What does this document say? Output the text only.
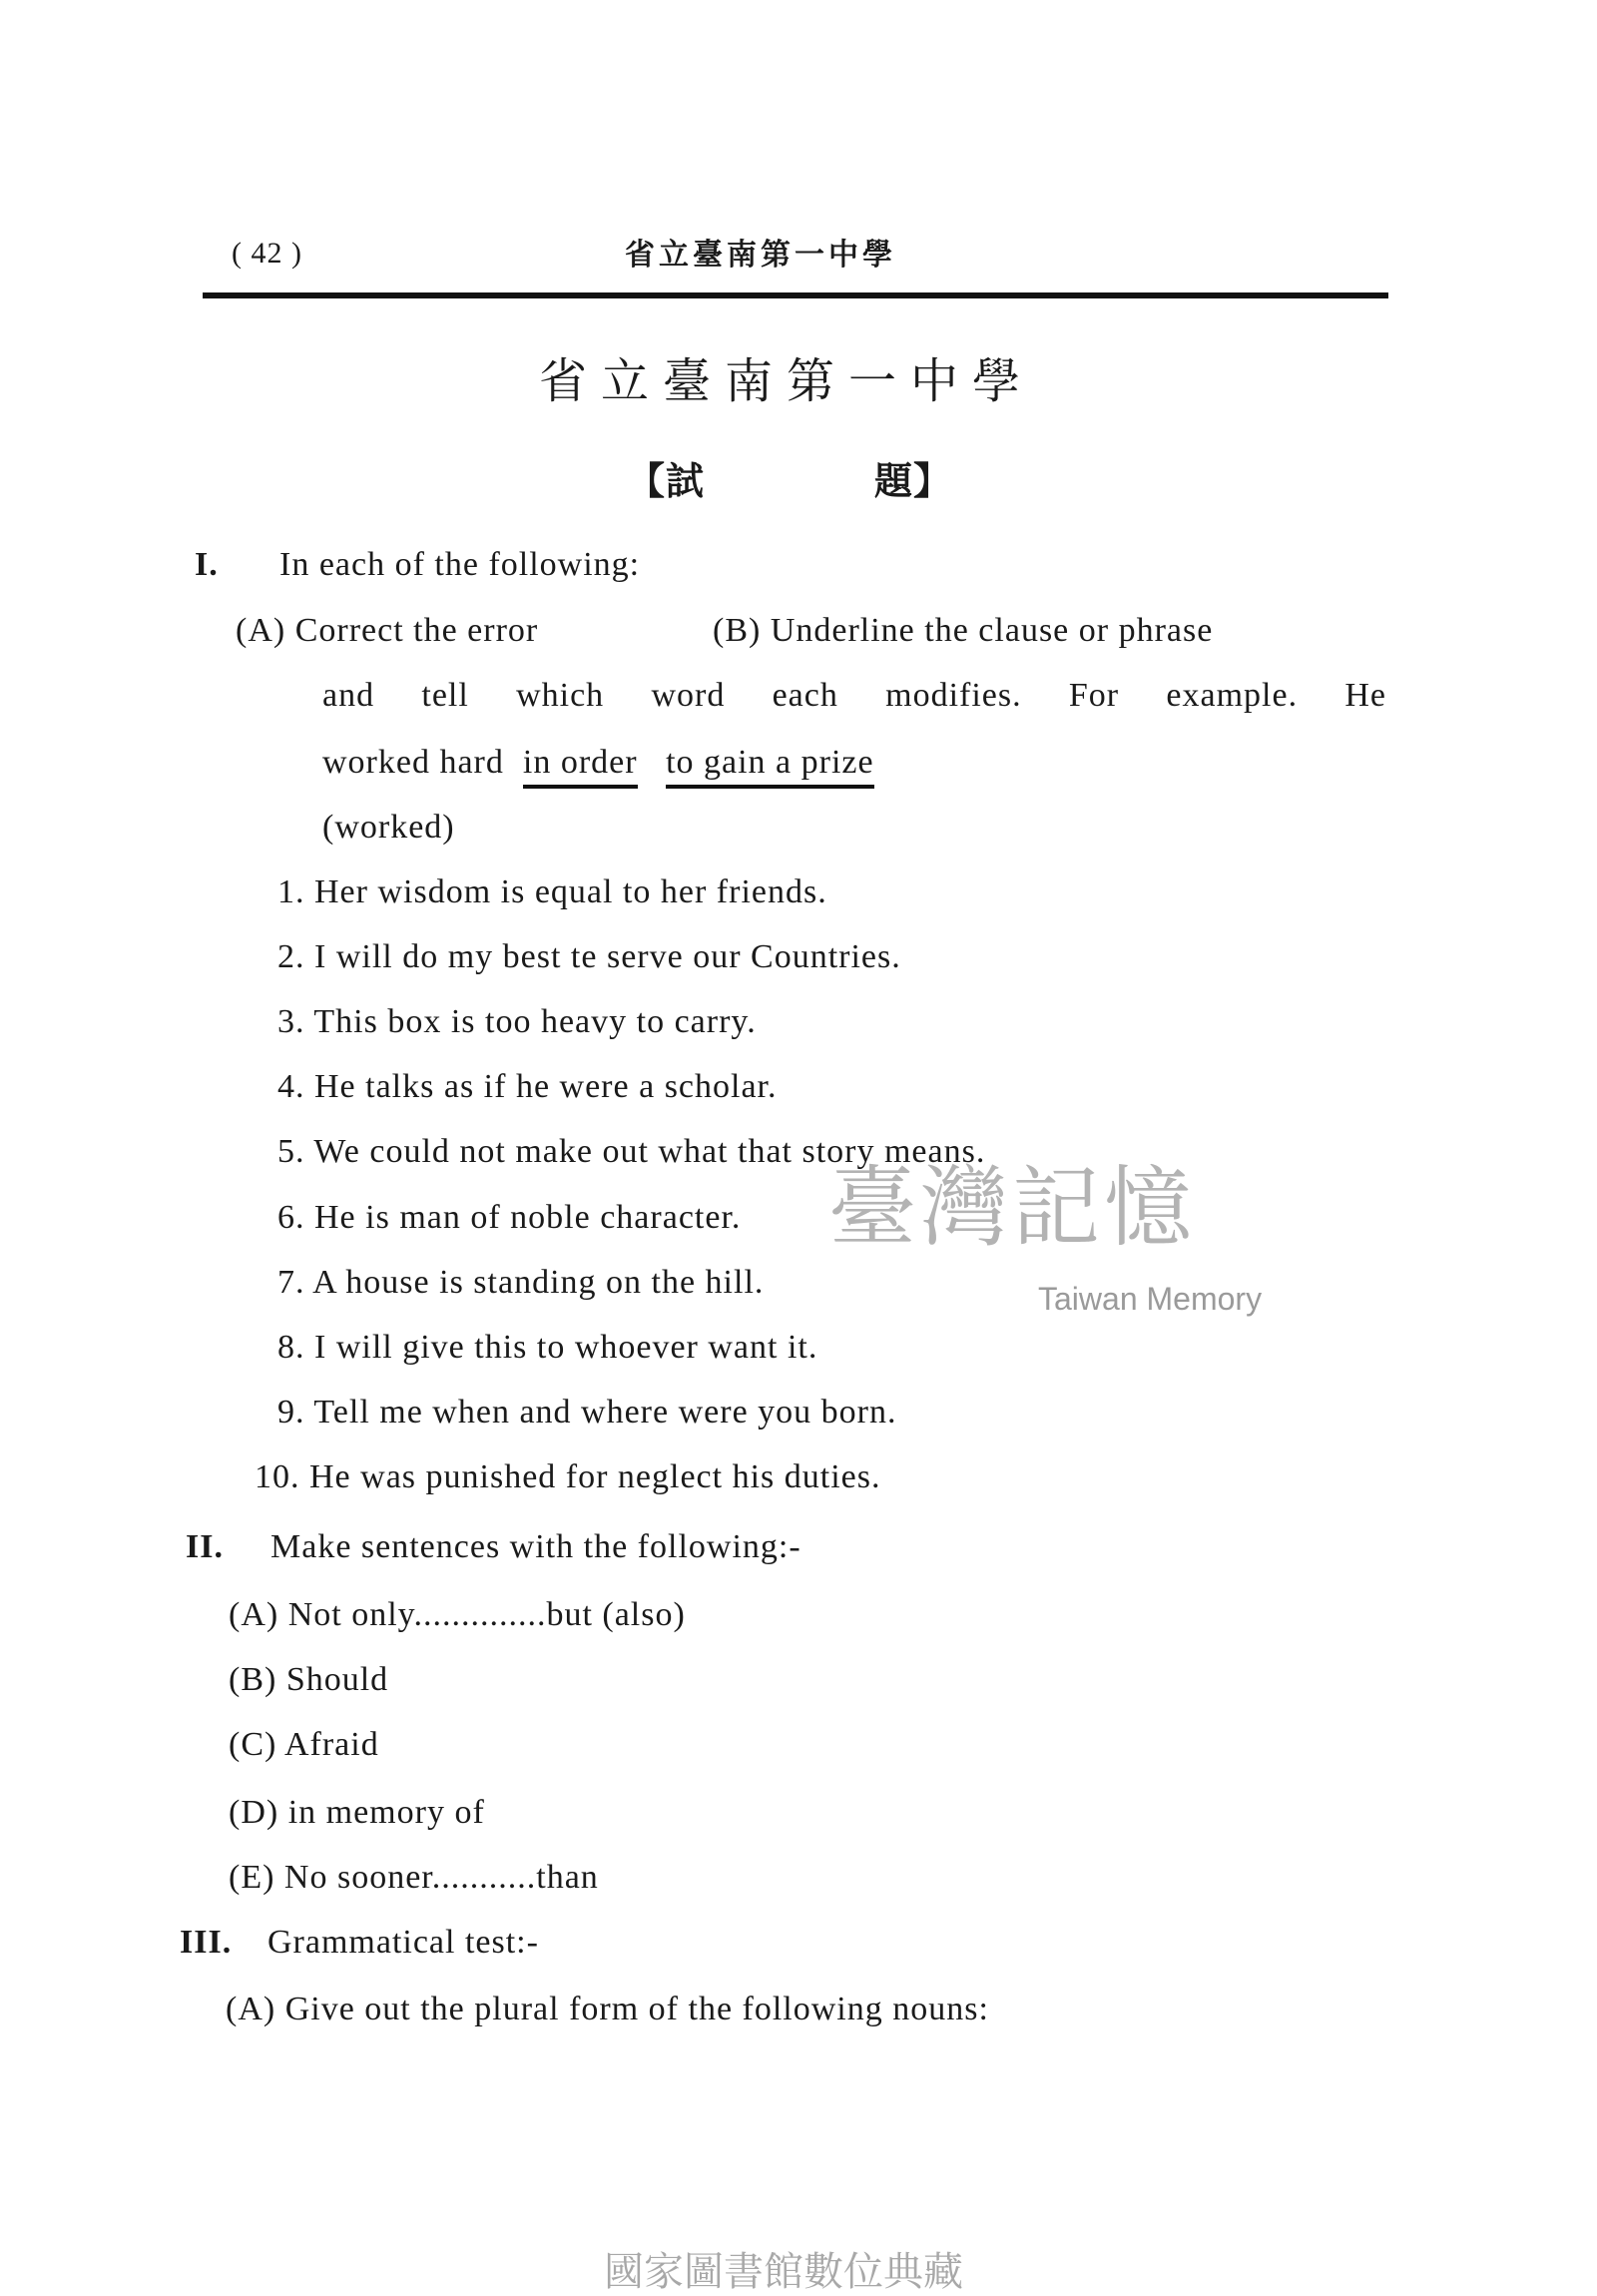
( 42 )	省立臺南第一中學
省立臺南第一中學
【試	題】
I. In each of the following:
(A) Correct the error	(B) Underline the clause or phrase
and tell which word each modifies. For example. He
worked hard in order to gain a prize
(worked)
1. Her wisdom is equal to her friends.
2. I will do my best te serve our Countries.
3. This box is too heavy to carry.
4. He talks as if he were a scholar.
5. We could not make out what that story means.
6. He is man of noble character.
7. A house is standing on the hill.
8. I will give this to whoever want it.
9. Tell me when and where were you born.
10. He was punished for neglect his duties.
II. Make sentences with the following:-
(A) Not only..............but (also)
(B) Should
(C) Afraid
(D) in memory of
(E) No sooner...........than
III. Grammatical test:-
(A) Give out the plural form of the following nouns:
臺灣記憶
Taiwan Memory
國家圖書館數位典藏
